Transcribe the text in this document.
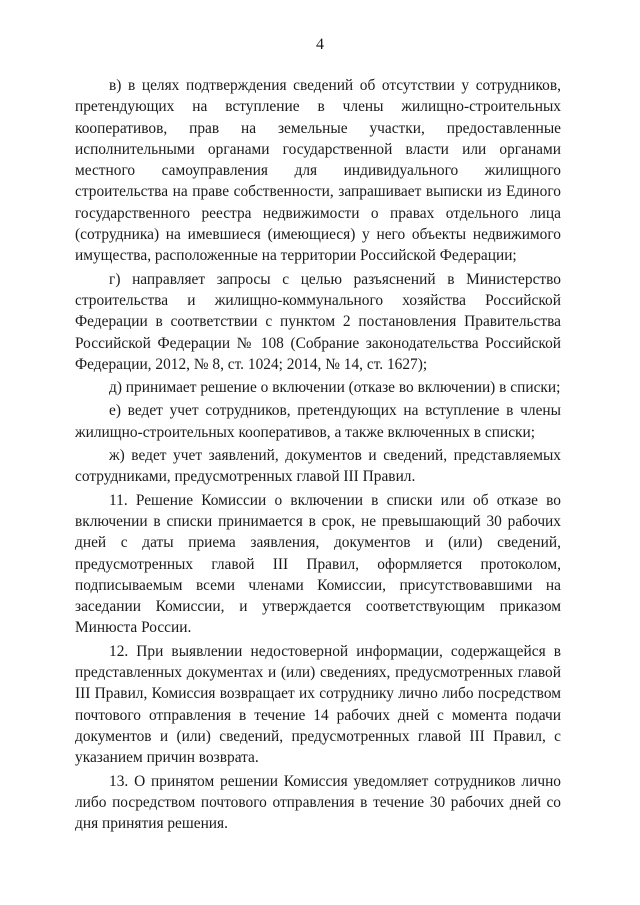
4

в) в целях подтверждения сведений об отсутствии у сотрудников, претендующих на вступление в члены жилищно-строительных кооперативов, прав на земельные участки, предоставленные исполнительными органами государственной власти или органами местного самоуправления для индивидуального жилищного строительства на праве собственности, запрашивает выписки из Единого государственного реестра недвижимости о правах отдельного лица (сотрудника) на имевшиеся (имеющиеся) у него объекты недвижимого имущества, расположенные на территории Российской Федерации;

г) направляет запросы с целью разъяснений в Министерство строительства и жилищно-коммунального хозяйства Российской Федерации в соответствии с пунктом 2 постановления Правительства Российской Федерации № 108 (Собрание законодательства Российской Федерации, 2012, № 8, ст. 1024; 2014, № 14, ст. 1627);

д) принимает решение о включении (отказе во включении) в списки;

е) ведет учет сотрудников, претендующих на вступление в члены жилищно-строительных кооперативов, а также включенных в списки;

ж) ведет учет заявлений, документов и сведений, представляемых сотрудниками, предусмотренных главой III Правил.

11. Решение Комиссии о включении в списки или об отказе во включении в списки принимается в срок, не превышающий 30 рабочих дней с даты приема заявления, документов и (или) сведений, предусмотренных главой III Правил, оформляется протоколом, подписываемым всеми членами Комиссии, присутствовавшими на заседании Комиссии, и утверждается соответствующим приказом Минюста России.

12. При выявлении недостоверной информации, содержащейся в представленных документах и (или) сведениях, предусмотренных главой III Правил, Комиссия возвращает их сотруднику лично либо посредством почтового отправления в течение 14 рабочих дней с момента подачи документов и (или) сведений, предусмотренных главой III Правил, с указанием причин возврата.

13. О принятом решении Комиссия уведомляет сотрудников лично либо посредством почтового отправления в течение 30 рабочих дней со дня принятия решения.
